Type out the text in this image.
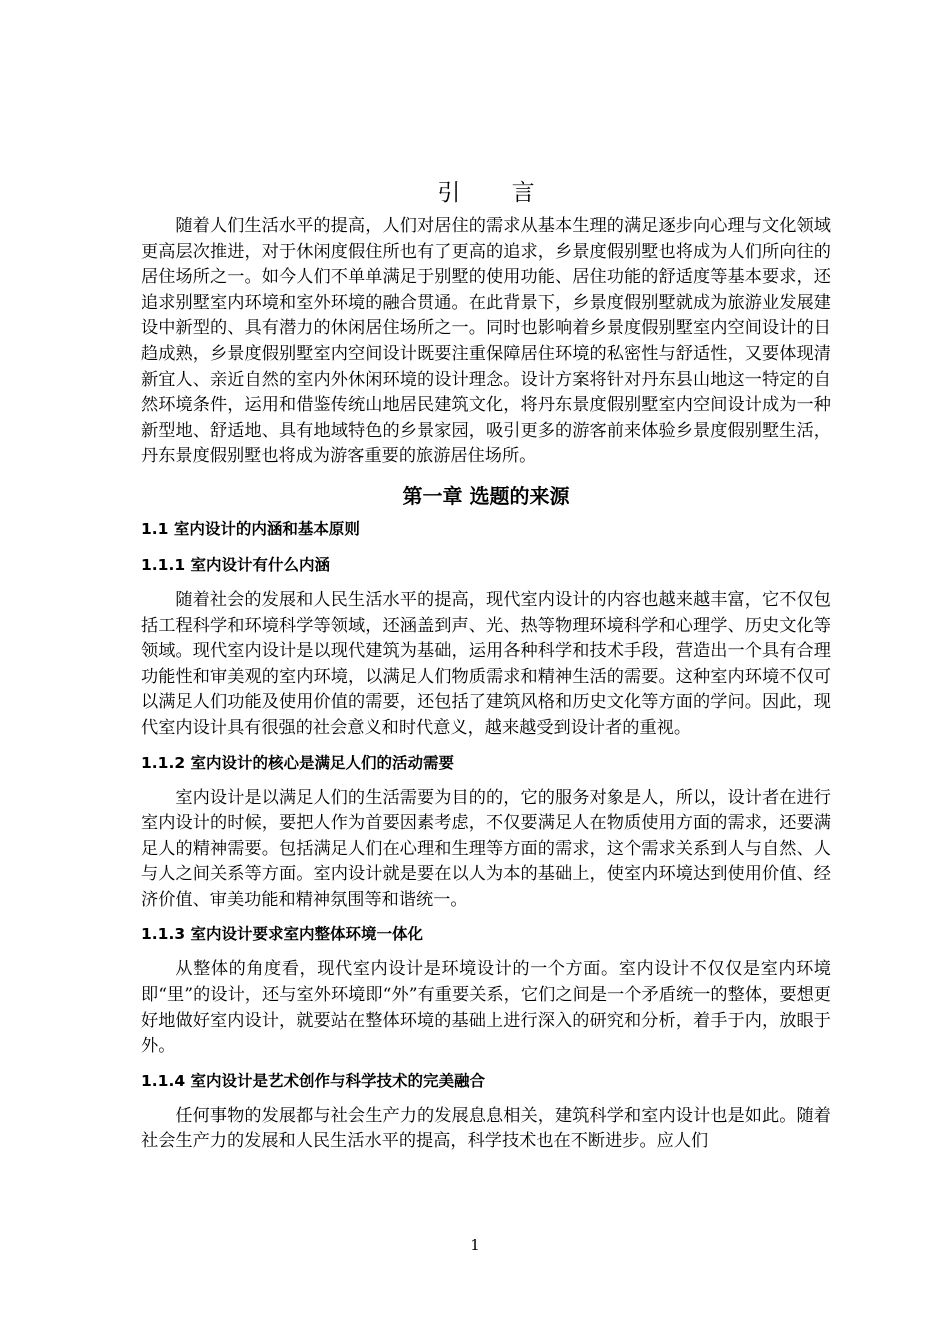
引 言

随着人们生活水平的提高，人们对居住的需求从基本生理的满足逐步向心理与文化领域更高层次推进，对于休闲度假住所也有了更高的追求，乡景度假别墅也将成为人们所向往的居住场所之一。如今人们不单单满足于别墅的使用功能、居住功能的舒适度等基本要求，还追求别墅室内环境和室外环境的融合贯通。在此背景下，乡景度假别墅就成为旅游业发展建设中新型的、具有潜力的休闲居住场所之一。同时也影响着乡景度假别墅室内空间设计的日趋成熟，乡景度假别墅室内空间设计既要注重保障居住环境的私密性与舒适性，又要体现清新宜人、亲近自然的室内外休闲环境的设计理念。设计方案将针对丹东县山地这一特定的自然环境条件，运用和借鉴传统山地居民建筑文化，将丹东景度假别墅室内空间设计成为一种新型地、舒适地、具有地域特色的乡景家园，吸引更多的游客前来体验乡景度假别墅生活，丹东景度假别墅也将成为游客重要的旅游居住场所。

第一章 选题的来源
1.1 室内设计的内涵和基本原则
1.1.1 室内设计有什么内涵

随着社会的发展和人民生活水平的提高，现代室内设计的内容也越来越丰富，它不仅包括工程科学和环境科学等领域，还涵盖到声、光、热等物理环境科学和心理学、历史文化等领域。现代室内设计是以现代建筑为基础，运用各种科学和技术手段，营造出一个具有合理功能性和审美观的室内环境，以满足人们物质需求和精神生活的需要。这种室内环境不仅可以满足人们功能及使用价值的需要，还包括了建筑风格和历史文化等方面的学问。因此，现代室内设计具有很强的社会意义和时代意义，越来越受到设计者的重视。

1.1.2 室内设计的核心是满足人们的活动需要

室内设计是以满足人们的生活需要为目的的，它的服务对象是人，所以，设计者在进行室内设计的时候，要把人作为首要因素考虑，不仅要满足人在物质使用方面的需求，还要满足人的精神需要。包括满足人们在心理和生理等方面的需求，这个需求关系到人与自然、人与人之间关系等方面。室内设计就是要在以人为本的基础上，使室内环境达到使用价值、经济价值、审美功能和精神氛围等和谐统一。

1.1.3 室内设计要求室内整体环境一体化

从整体的角度看，现代室内设计是环境设计的一个方面。室内设计不仅仅是室内环境即“里”的设计，还与室外环境即“外”有重要关系，它们之间是一个矛盾统一的整体，要想更好地做好室内设计，就要站在整体环境的基础上进行深入的研究和分析，着手于内，放眼于外。

1.1.4 室内设计是艺术创作与科学技术的完美融合

任何事物的发展都与社会生产力的发展息息相关，建筑科学和室内设计也是如此。随着社会生产力的发展和人民生活水平的提高，科学技术也在不断进步。应人们

1
